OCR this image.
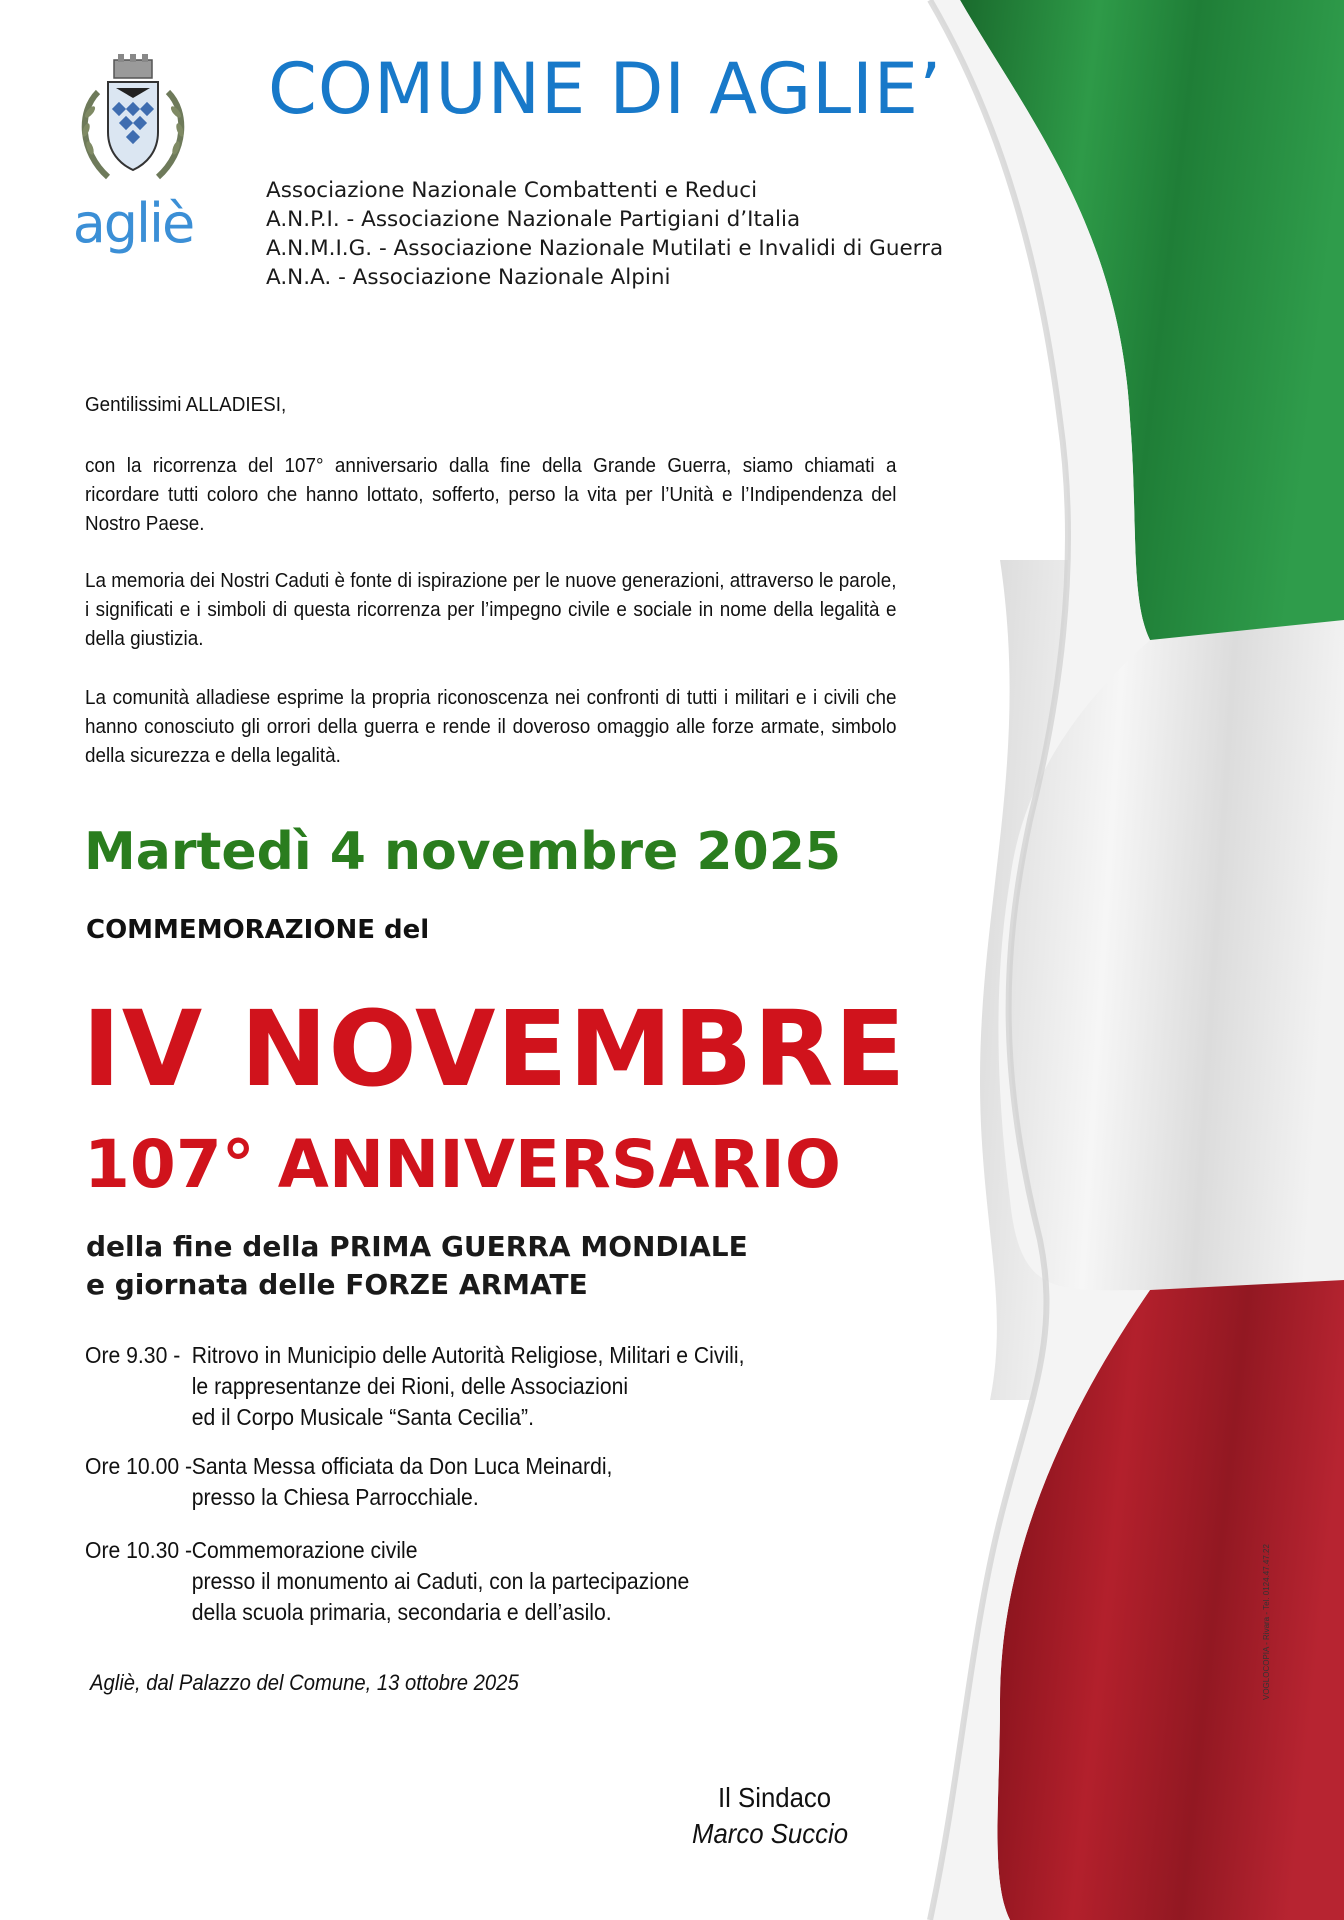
agliè
COMUNE DI AGLIE’
Associazione Nazionale Combattenti e Reduci
A.N.P.I. - Associazione Nazionale Partigiani d’Italia
A.N.M.I.G. - Associazione Nazionale Mutilati e Invalidi di Guerra
A.N.A. - Associazione Nazionale Alpini
Gentilissimi ALLADIESI,
con la ricorrenza del 107° anniversario dalla fine della Grande Guerra, siamo chiamati a ricordare tutti coloro che hanno lottato, sofferto, perso la vita per l’Unità e l’Indipendenza del Nostro Paese.
La memoria dei Nostri Caduti è fonte di ispirazione per le nuove generazioni, attraverso le parole, i significati e i simboli di questa ricorrenza per l’impegno civile e sociale in nome della legalità e della giustizia.
La comunità alladiese esprime la propria riconoscenza nei confronti di tutti i militari e i civili che hanno conosciuto gli orrori della guerra e rende il doveroso omaggio alle forze armate, simbolo della sicurezza e della legalità.
Martedì 4 novembre 2025
COMMEMORAZIONE del
IV NOVEMBRE
107° ANNIVERSARIO
della fine della PRIMA GUERRA MONDIALE
e giornata delle FORZE ARMATE
Ore 9.30 - Ritrovo in Municipio delle Autorità Religiose, Militari e Civili,
le rappresentanze dei Rioni, delle Associazioni
ed il Corpo Musicale “Santa Cecilia”.
Ore 10.00 - Santa Messa officiata da Don Luca Meinardi,
presso la Chiesa Parrocchiale.
Ore 10.30 - Commemorazione civile
presso il monumento ai Caduti, con la partecipazione
della scuola primaria, secondaria e dell’asilo.
Agliè, dal Palazzo del Comune, 13 ottobre 2025
Il Sindaco
Marco Succio
VOGLOCOPIA - Rivara - Tel. 0124.47.47.22
